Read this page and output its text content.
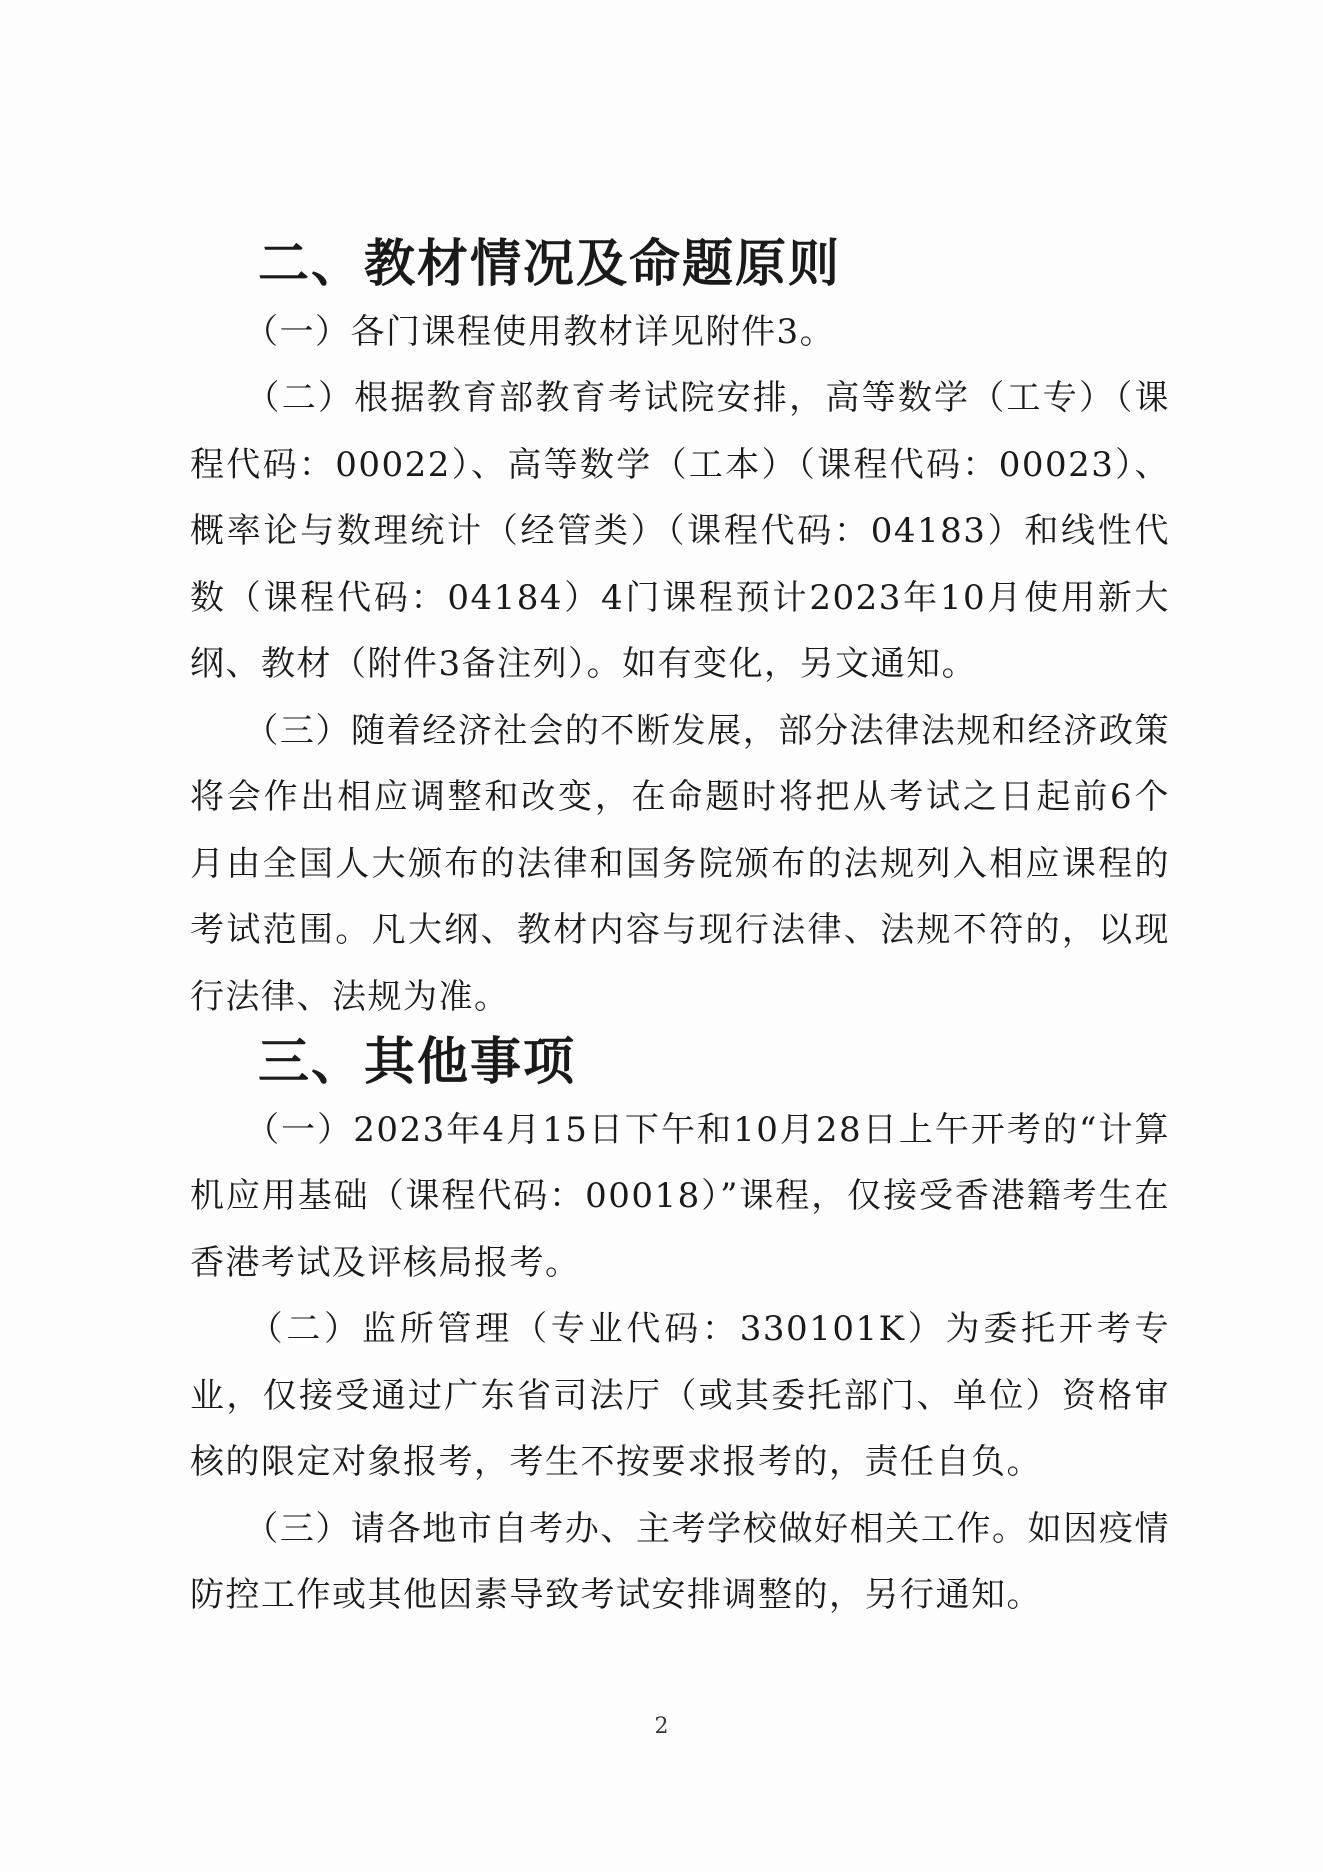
二、教材情况及命题原则

　　（一）各门课程使用教材详见附件3。

　　（二）根据教育部教育考试院安排，高等数学（工专）（课程代码：00022）、高等数学（工本）（课程代码：00023）、概率论与数理统计（经管类）（课程代码：04183）和线性代数（课程代码：04184）4门课程预计2023年10月使用新大纲、教材（附件3备注列）。如有变化，另文通知。

　　（三）随着经济社会的不断发展，部分法律法规和经济政策将会作出相应调整和改变，在命题时将把从考试之日起前6个月由全国人大颁布的法律和国务院颁布的法规列入相应课程的考试范围。凡大纲、教材内容与现行法律、法规不符的，以现行法律、法规为准。

三、其他事项

　　（一）2023年4月15日下午和10月28日上午开考的“计算机应用基础（课程代码：00018）”课程，仅接受香港籍考生在香港考试及评核局报考。

　　（二）监所管理（专业代码：330101K）为委托开考专业，仅接受通过广东省司法厅（或其委托部门、单位）资格审核的限定对象报考，考生不按要求报考的，责任自负。

　　（三）请各地市自考办、主考学校做好相关工作。如因疫情防控工作或其他因素导致考试安排调整的，另行通知。

2
